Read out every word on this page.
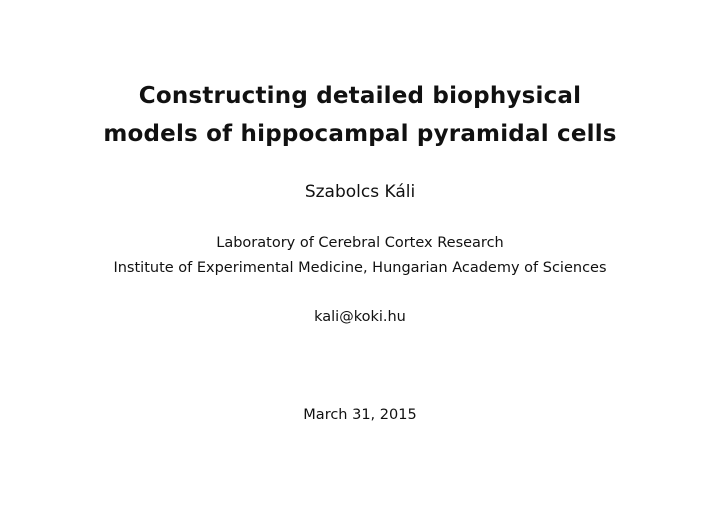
Constructing detailed biophysical
models of hippocampal pyramidal cells
Szabolcs Káli
Laboratory of Cerebral Cortex Research
Institute of Experimental Medicine, Hungarian Academy of Sciences
kali@koki.hu
March 31, 2015
